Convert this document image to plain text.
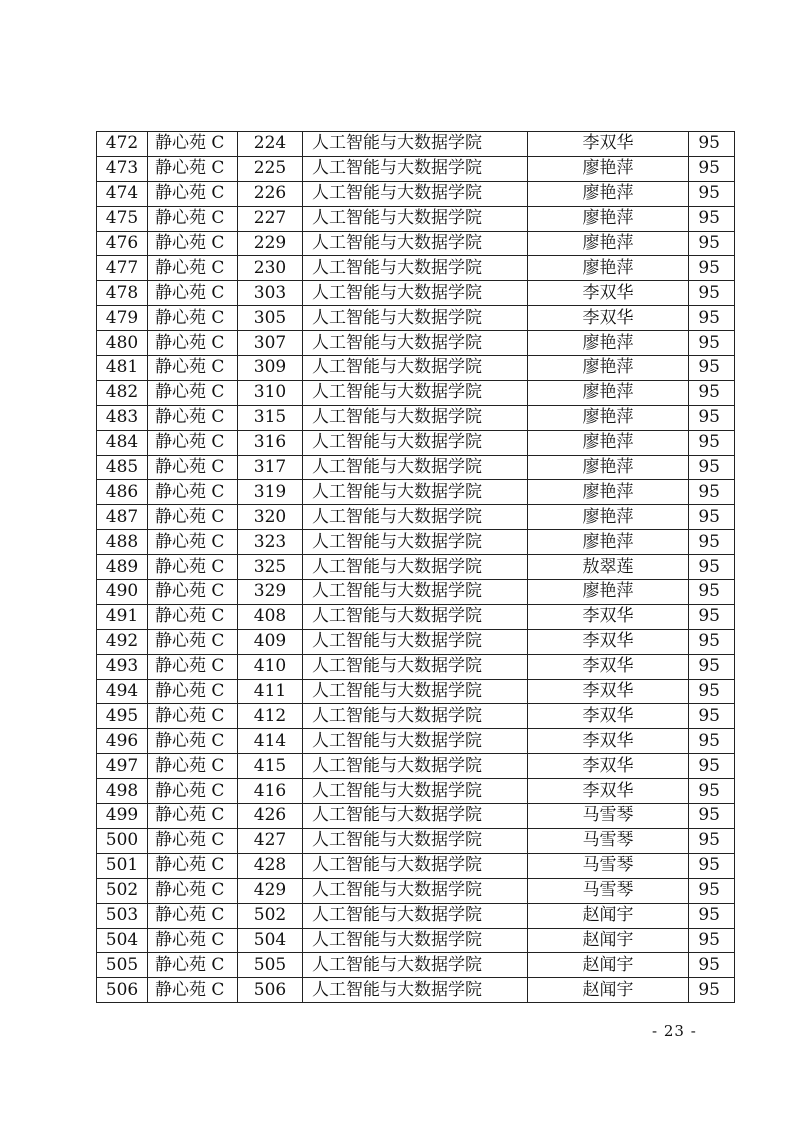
472	静心苑 C	224	人工智能与大数据学院	李双华	95
473	静心苑 C	225	人工智能与大数据学院	廖艳萍	95
474	静心苑 C	226	人工智能与大数据学院	廖艳萍	95
475	静心苑 C	227	人工智能与大数据学院	廖艳萍	95
476	静心苑 C	229	人工智能与大数据学院	廖艳萍	95
477	静心苑 C	230	人工智能与大数据学院	廖艳萍	95
478	静心苑 C	303	人工智能与大数据学院	李双华	95
479	静心苑 C	305	人工智能与大数据学院	李双华	95
480	静心苑 C	307	人工智能与大数据学院	廖艳萍	95
481	静心苑 C	309	人工智能与大数据学院	廖艳萍	95
482	静心苑 C	310	人工智能与大数据学院	廖艳萍	95
483	静心苑 C	315	人工智能与大数据学院	廖艳萍	95
484	静心苑 C	316	人工智能与大数据学院	廖艳萍	95
485	静心苑 C	317	人工智能与大数据学院	廖艳萍	95
486	静心苑 C	319	人工智能与大数据学院	廖艳萍	95
487	静心苑 C	320	人工智能与大数据学院	廖艳萍	95
488	静心苑 C	323	人工智能与大数据学院	廖艳萍	95
489	静心苑 C	325	人工智能与大数据学院	敖翠莲	95
490	静心苑 C	329	人工智能与大数据学院	廖艳萍	95
491	静心苑 C	408	人工智能与大数据学院	李双华	95
492	静心苑 C	409	人工智能与大数据学院	李双华	95
493	静心苑 C	410	人工智能与大数据学院	李双华	95
494	静心苑 C	411	人工智能与大数据学院	李双华	95
495	静心苑 C	412	人工智能与大数据学院	李双华	95
496	静心苑 C	414	人工智能与大数据学院	李双华	95
497	静心苑 C	415	人工智能与大数据学院	李双华	95
498	静心苑 C	416	人工智能与大数据学院	李双华	95
499	静心苑 C	426	人工智能与大数据学院	马雪琴	95
500	静心苑 C	427	人工智能与大数据学院	马雪琴	95
501	静心苑 C	428	人工智能与大数据学院	马雪琴	95
502	静心苑 C	429	人工智能与大数据学院	马雪琴	95
503	静心苑 C	502	人工智能与大数据学院	赵闻宇	95
504	静心苑 C	504	人工智能与大数据学院	赵闻宇	95
505	静心苑 C	505	人工智能与大数据学院	赵闻宇	95
506	静心苑 C	506	人工智能与大数据学院	赵闻宇	95
- 23 -
